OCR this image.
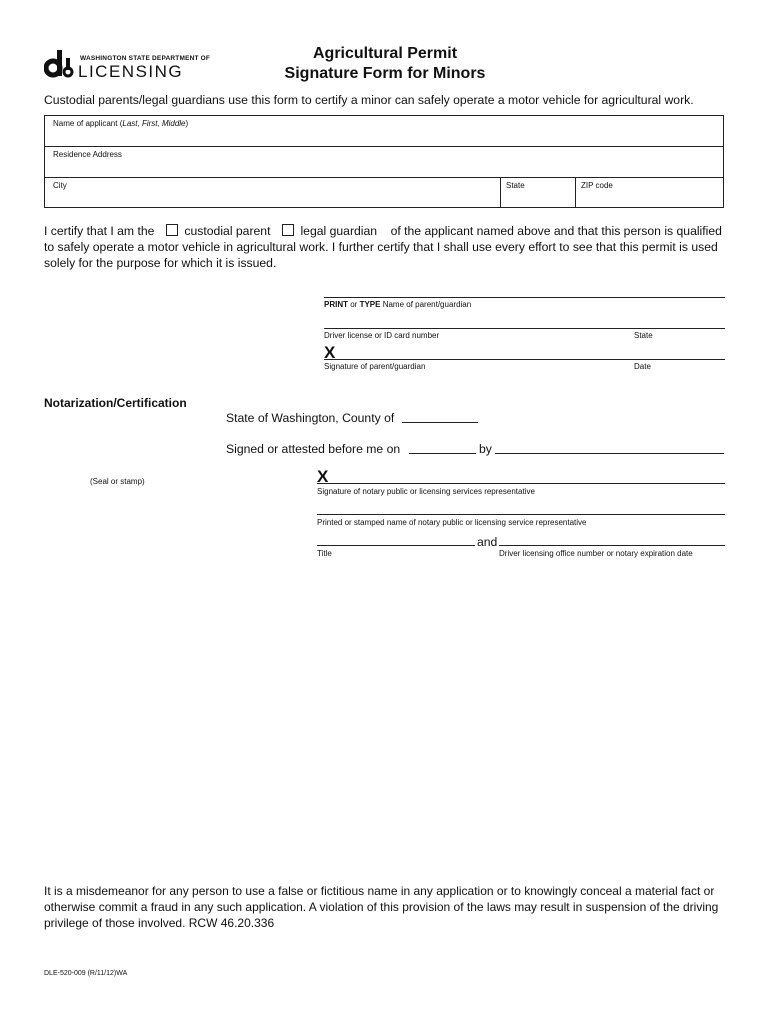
WASHINGTON STATE DEPARTMENT OF
LICENSING
Agricultural Permit
Signature Form for Minors
Custodial parents/legal guardians use this form to certify a minor can safely operate a motor vehicle for agricultural work.
Name of applicant (Last, First, Middle)
Residence Address
City	State	ZIP code
I certify that I am the custodial parent legal guardian of the applicant named above and that this person is qualified to safely operate a motor vehicle in agricultural work. I further certify that I shall use every effort to see that this permit is used solely for the purpose for which it is issued.
PRINT or TYPE Name of parent/guardian
Driver license or ID card number	State
X
Signature of parent/guardian	Date
Notarization/Certification
State of Washington, County of
Signed or attested before me on	by
(Seal or stamp)	X
Signature of notary public or licensing services representative
Printed or stamped name of notary public or licensing service representative
and
Title	Driver licensing office number or notary expiration date
It is a misdemeanor for any person to use a false or fictitious name in any application or to knowingly conceal a material fact or otherwise commit a fraud in any such application. A violation of this provision of the laws may result in suspension of the driving privilege of those involved. RCW 46.20.336
DLE-520-009 (R/11/12)WA
